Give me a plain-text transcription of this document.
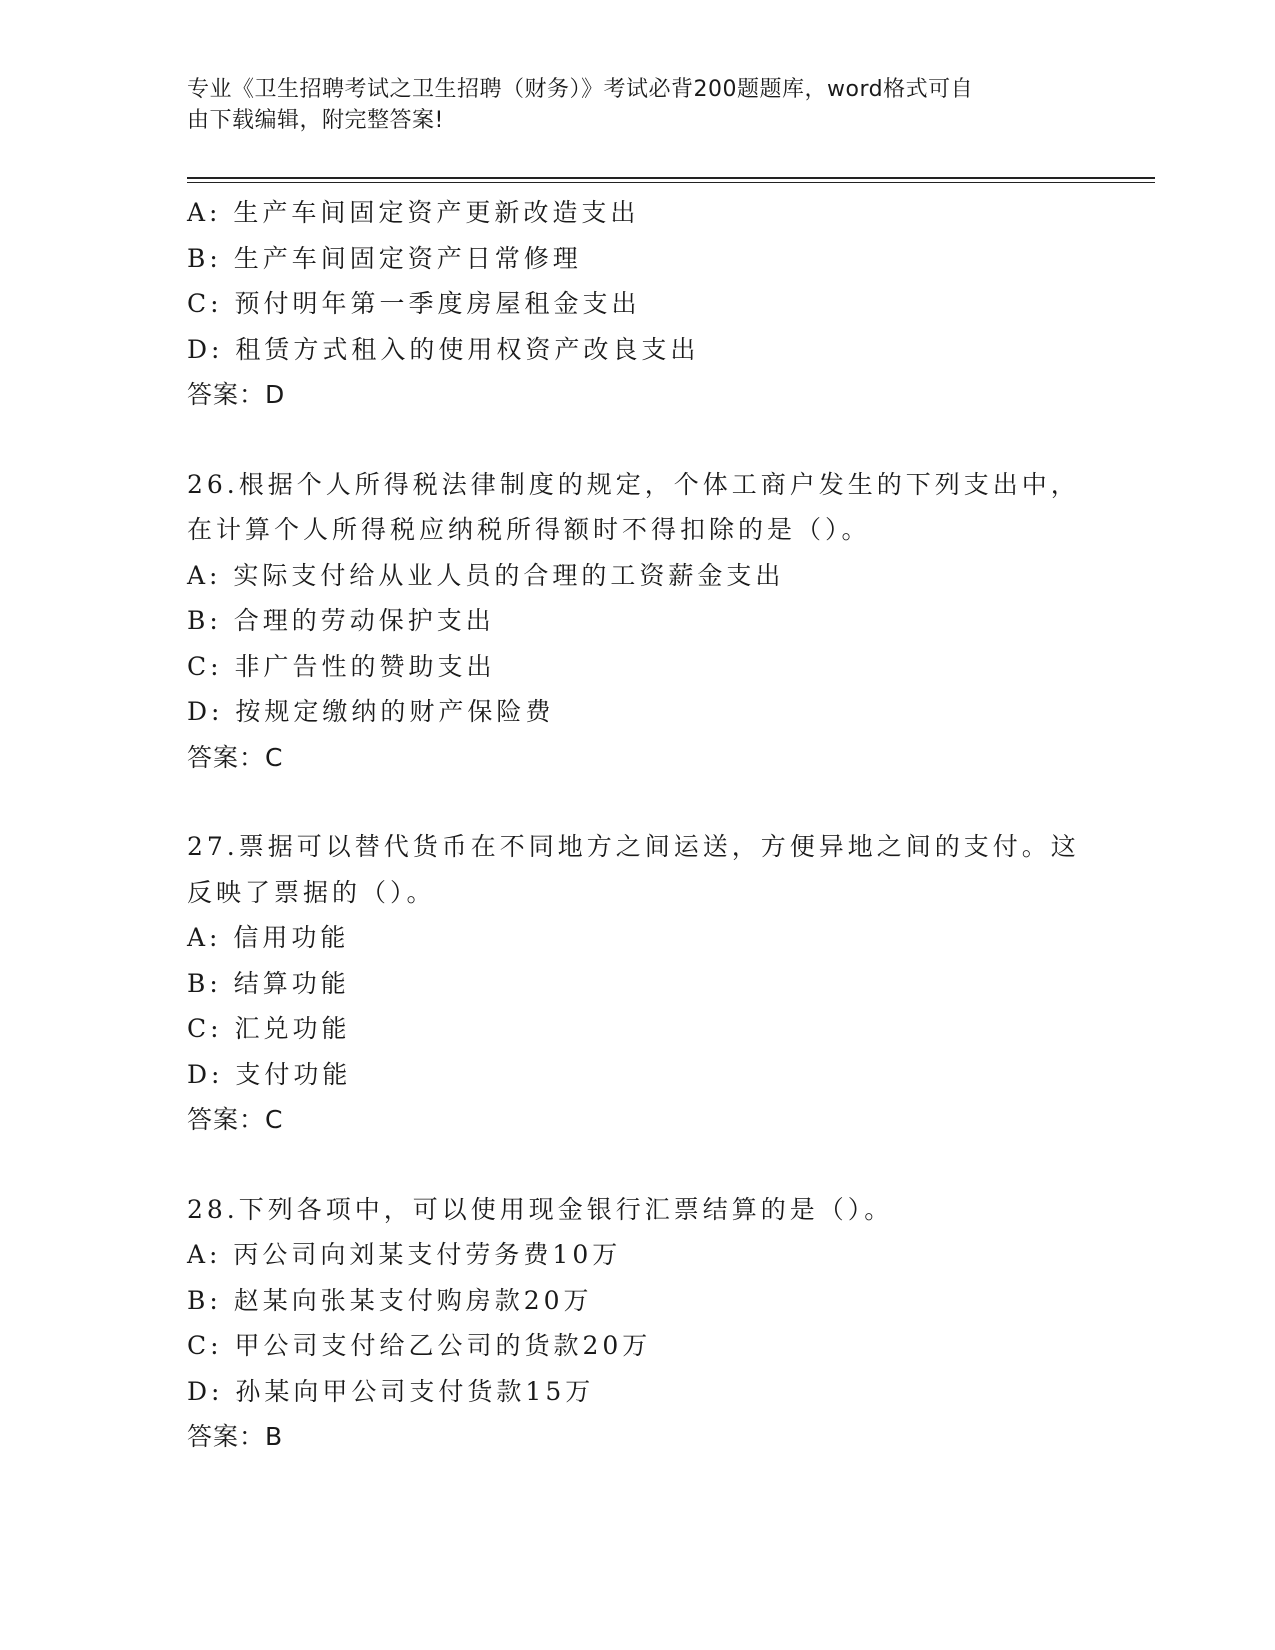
专业《卫生招聘考试之卫生招聘（财务）》考试必背200题题库，word格式可自
由下载编辑，附完整答案!
A: 生产车间固定资产更新改造支出
B: 生产车间固定资产日常修理
C: 预付明年第一季度房屋租金支出
D: 租赁方式租入的使用权资产改良支出
答案：D
26.根据个人所得税法律制度的规定，个体工商户发生的下列支出中，
在计算个人所得税应纳税所得额时不得扣除的是（）。
A: 实际支付给从业人员的合理的工资薪金支出
B: 合理的劳动保护支出
C: 非广告性的赞助支出
D: 按规定缴纳的财产保险费
答案：C
27.票据可以替代货币在不同地方之间运送，方便异地之间的支付。这
反映了票据的（）。
A: 信用功能
B: 结算功能
C: 汇兑功能
D: 支付功能
答案：C
28.下列各项中，可以使用现金银行汇票结算的是（）。
A: 丙公司向刘某支付劳务费10万
B: 赵某向张某支付购房款20万
C: 甲公司支付给乙公司的货款20万
D: 孙某向甲公司支付货款15万
答案：B
